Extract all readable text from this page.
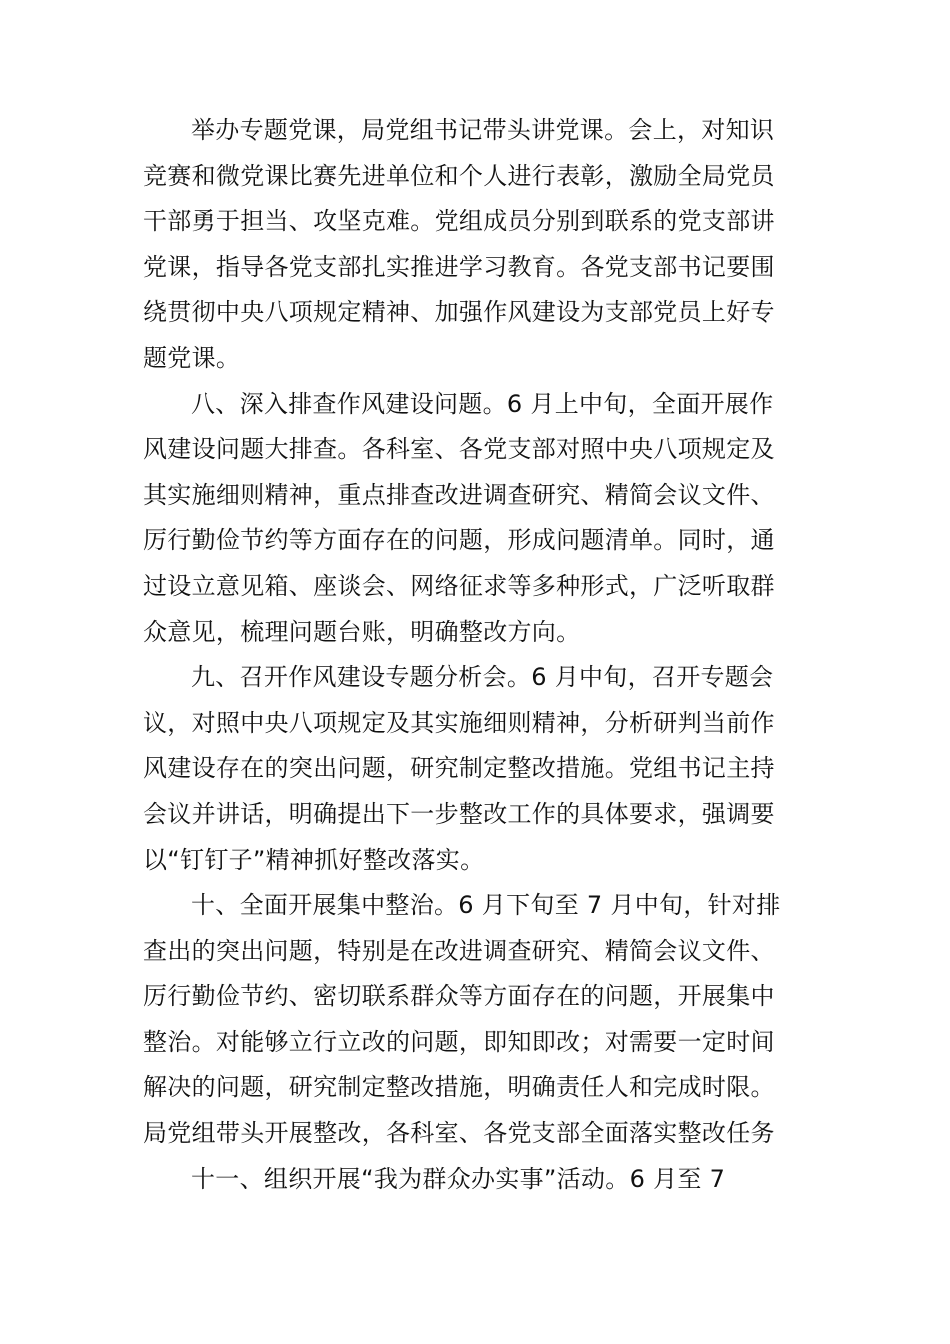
举办专题党课，局党组书记带头讲党课。会上，对知识
竞赛和微党课比赛先进单位和个人进行表彰，激励全局党员
干部勇于担当、攻坚克难。党组成员分别到联系的党支部讲
党课，指导各党支部扎实推进学习教育。各党支部书记要围
绕贯彻中央八项规定精神、加强作风建设为支部党员上好专
题党课。

八、深入排查作风建设问题。6 月上中旬，全面开展作
风建设问题大排查。各科室、各党支部对照中央八项规定及
其实施细则精神，重点排查改进调查研究、精简会议文件、
厉行勤俭节约等方面存在的问题，形成问题清单。同时，通
过设立意见箱、座谈会、网络征求等多种形式，广泛听取群
众意见，梳理问题台账，明确整改方向。

九、召开作风建设专题分析会。6 月中旬，召开专题会
议，对照中央八项规定及其实施细则精神，分析研判当前作
风建设存在的突出问题，研究制定整改措施。党组书记主持
会议并讲话，明确提出下一步整改工作的具体要求，强调要
以“钉钉子”精神抓好整改落实。

十、全面开展集中整治。6 月下旬至 7 月中旬，针对排
查出的突出问题，特别是在改进调查研究、精简会议文件、
厉行勤俭节约、密切联系群众等方面存在的问题，开展集中
整治。对能够立行立改的问题，即知即改；对需要一定时间
解决的问题，研究制定整改措施，明确责任人和完成时限。
局党组带头开展整改，各科室、各党支部全面落实整改任务

十一、组织开展“我为群众办实事”活动。6 月至 7
